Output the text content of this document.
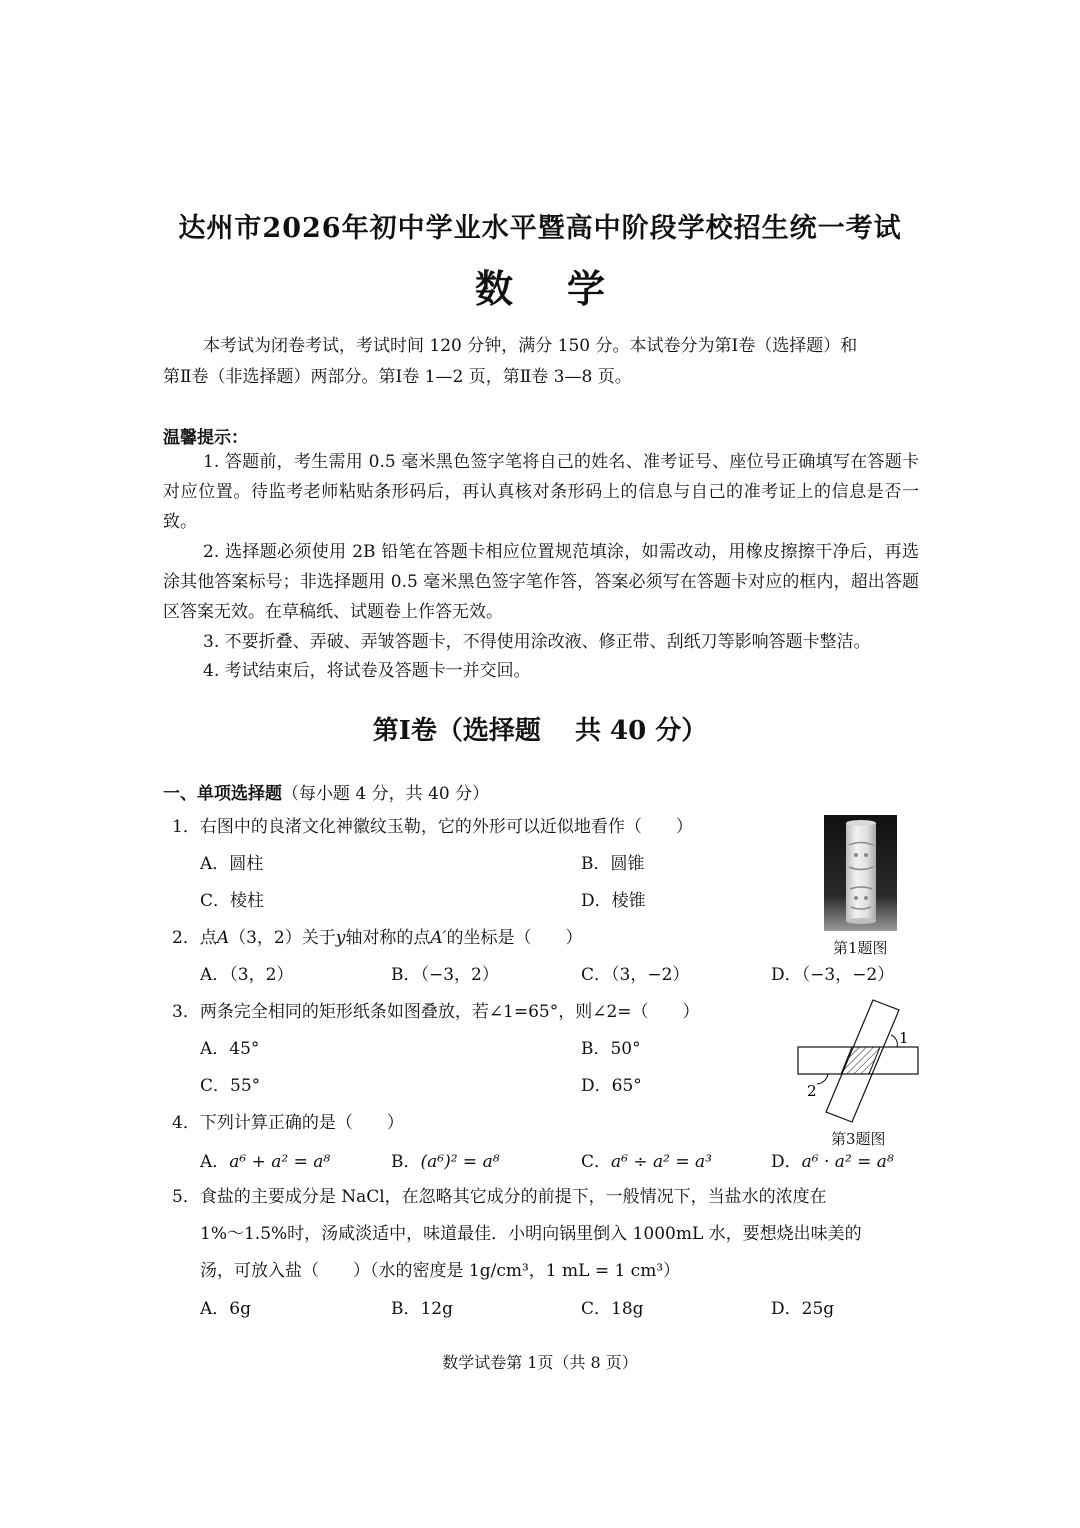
达州市2026年初中学业水平暨高中阶段学校招生统一考试
数学
本考试为闭卷考试，考试时间 120 分钟，满分 150 分。本试卷分为第Ⅰ卷（选择题）和
第Ⅱ卷（非选择题）两部分。第Ⅰ卷 1—2 页，第Ⅱ卷 3—8 页。
温馨提示：
1. 答题前，考生需用 0.5 毫米黑色签字笔将自己的姓名、准考证号、座位号正确填写在答题卡对应位置。待监考老师粘贴条形码后，再认真核对条形码上的信息与自己的准考证上的信息是否一致。
2. 选择题必须使用 2B 铅笔在答题卡相应位置规范填涂，如需改动，用橡皮擦擦干净后，再选涂其他答案标号；非选择题用 0.5 毫米黑色签字笔作答，答案必须写在答题卡对应的框内，超出答题区答案无效。在草稿纸、试题卷上作答无效。
3. 不要折叠、弄破、弄皱答题卡，不得使用涂改液、修正带、刮纸刀等影响答题卡整洁。
4. 考试结束后，将试卷及答题卡一并交回。
第Ⅰ卷（选择题 共 40 分）
一、单项选择题（每小题 4 分，共 40 分）
1．右图中的良渚文化神徽纹玉勒，它的外形可以近似地看作（　　）
A．圆柱	B．圆锥
C．棱柱	D．棱锥
第1题图
2．点A（3，2）关于y轴对称的点A′的坐标是（　　）
A．（3，2）	B．（−3，2）	C．（3，−2）	D．（−3，−2）
3．两条完全相同的矩形纸条如图叠放，若∠1=65°，则∠2=（　　）
A．45°	B．50°
C．55°	D．65°
1
2
第3题图
4．下列计算正确的是（　　）
A．a⁶ + a² = a⁸	B．(a⁶)² = a⁸	C．a⁶ ÷ a² = a³	D．a⁶ · a² = a⁸
5．食盐的主要成分是 NaCl，在忽略其它成分的前提下，一般情况下，当盐水的浓度在
1%～1.5%时，汤咸淡适中，味道最佳．小明向锅里倒入 1000mL 水，要想烧出味美的
汤，可放入盐（　　）（水的密度是 1g/cm³，1 mL = 1 cm³）
A．6g	B．12g	C．18g	D．25g
数学试卷第 1页（共 8 页）
